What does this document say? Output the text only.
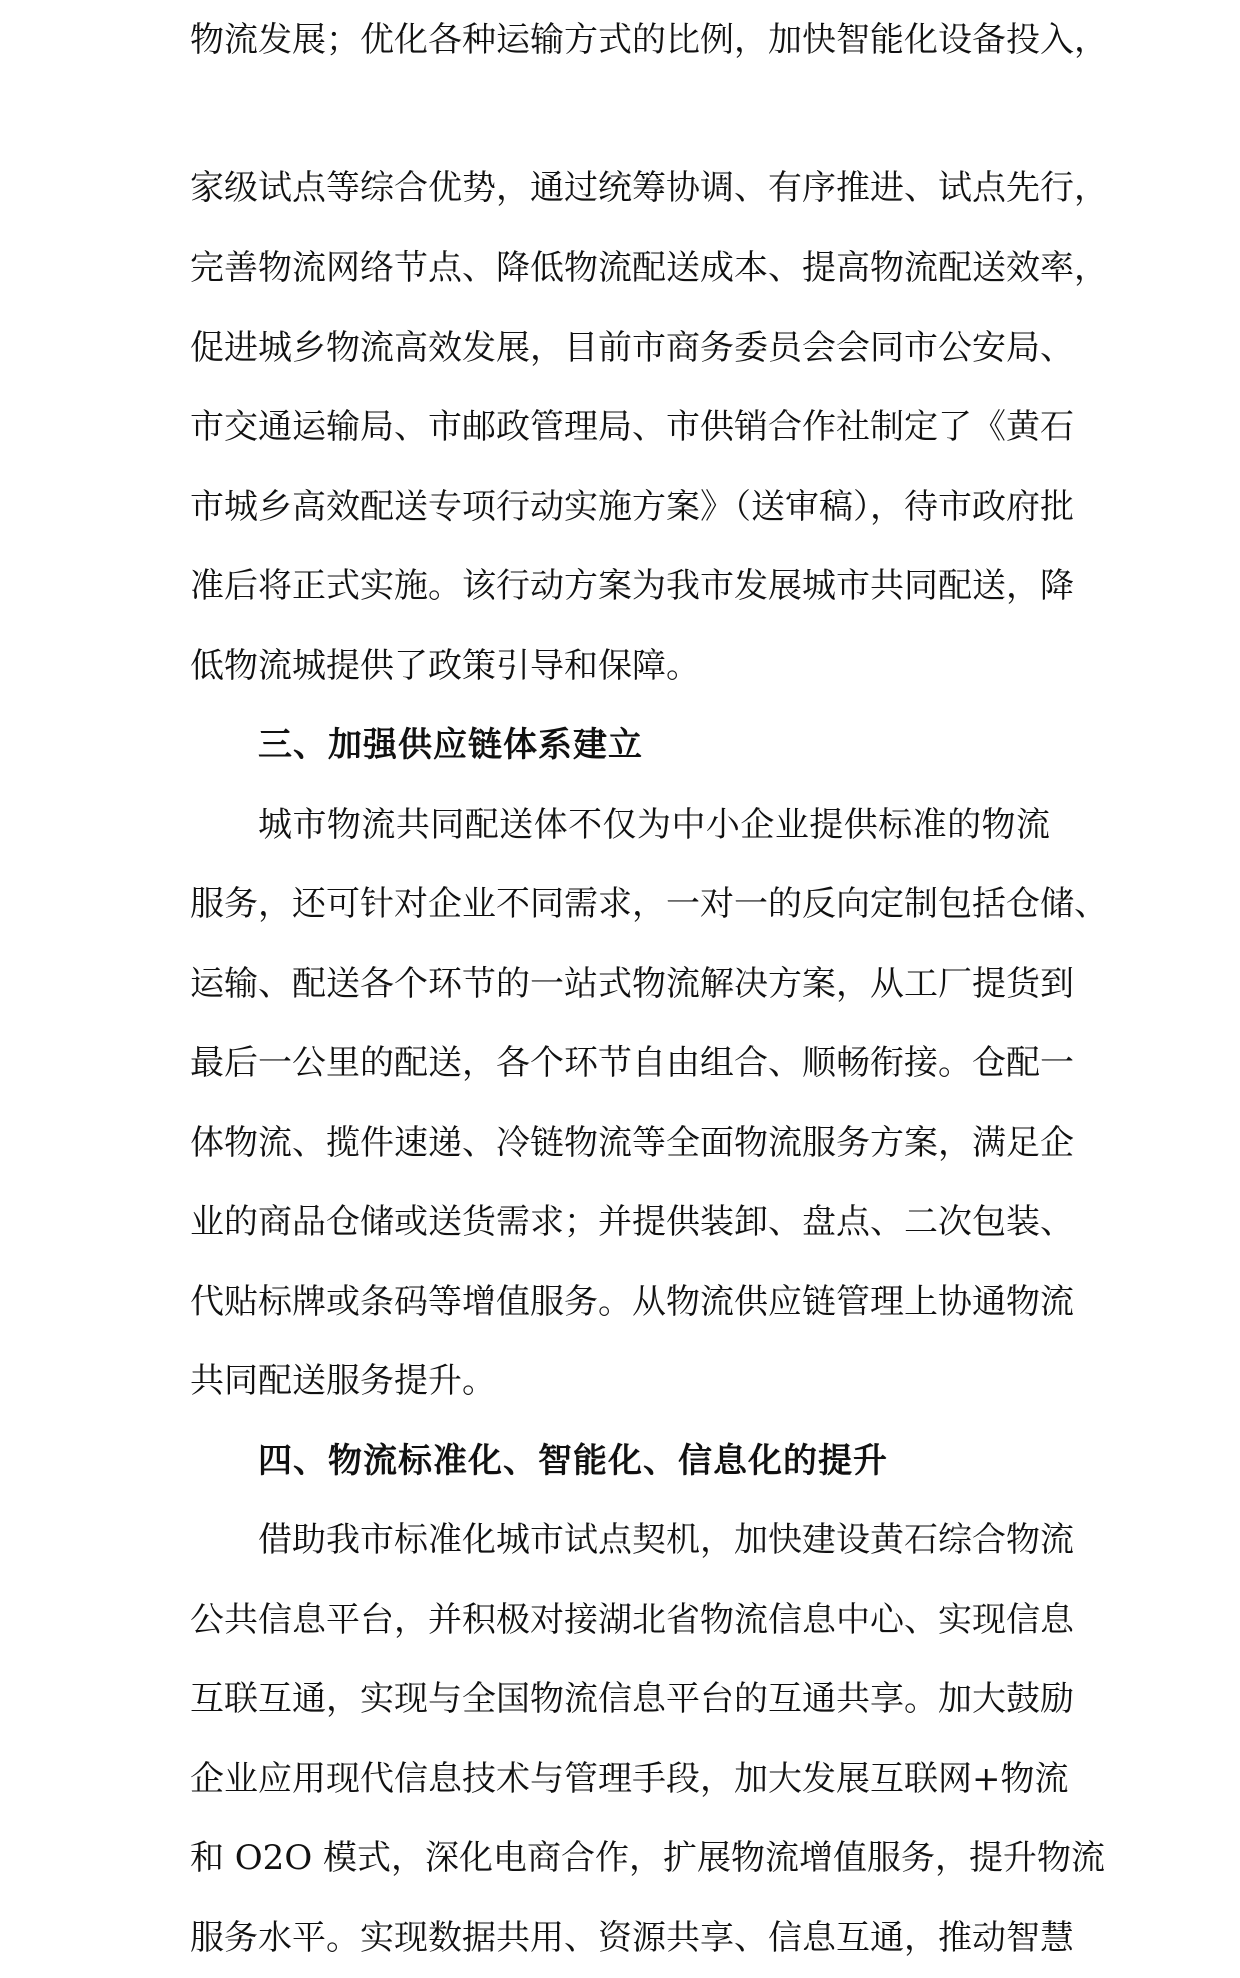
家级试点等综合优势，通过统筹协调、有序推进、试点先行，

完善物流网络节点、降低物流配送成本、提高物流配送效率，

促进城乡物流高效发展，目前市商务委员会会同市公安局、

市交通运输局、市邮政管理局、市供销合作社制定了《黄石

市城乡高效配送专项行动实施方案》（送审稿），待市政府批

准后将正式实施。该行动方案为我市发展城市共同配送，降

低物流城提供了政策引导和保障。

三、加强供应链体系建立

城市物流共同配送体不仅为中小企业提供标准的物流

服务，还可针对企业不同需求，一对一的反向定制包括仓储、

运输、配送各个环节的一站式物流解决方案，从工厂提货到

最后一公里的配送，各个环节自由组合、顺畅衔接。仓配一

体物流、揽件速递、冷链物流等全面物流服务方案，满足企

业的商品仓储或送货需求；并提供装卸、盘点、二次包装、

代贴标牌或条码等增值服务。从物流供应链管理上协通物流

共同配送服务提升。

四、物流标准化、智能化、信息化的提升

借助我市标准化城市试点契机，加快建设黄石综合物流

公共信息平台，并积极对接湖北省物流信息中心、实现信息

互联互通，实现与全国物流信息平台的互通共享。加大鼓励

企业应用现代信息技术与管理手段，加大发展互联网+物流

和 O2O 模式，深化电商合作，扩展物流增值服务，提升物流

服务水平。实现数据共用、资源共享、信息互通，推动智慧

物流发展；优化各种运输方式的比例，加快智能化设备投入，
